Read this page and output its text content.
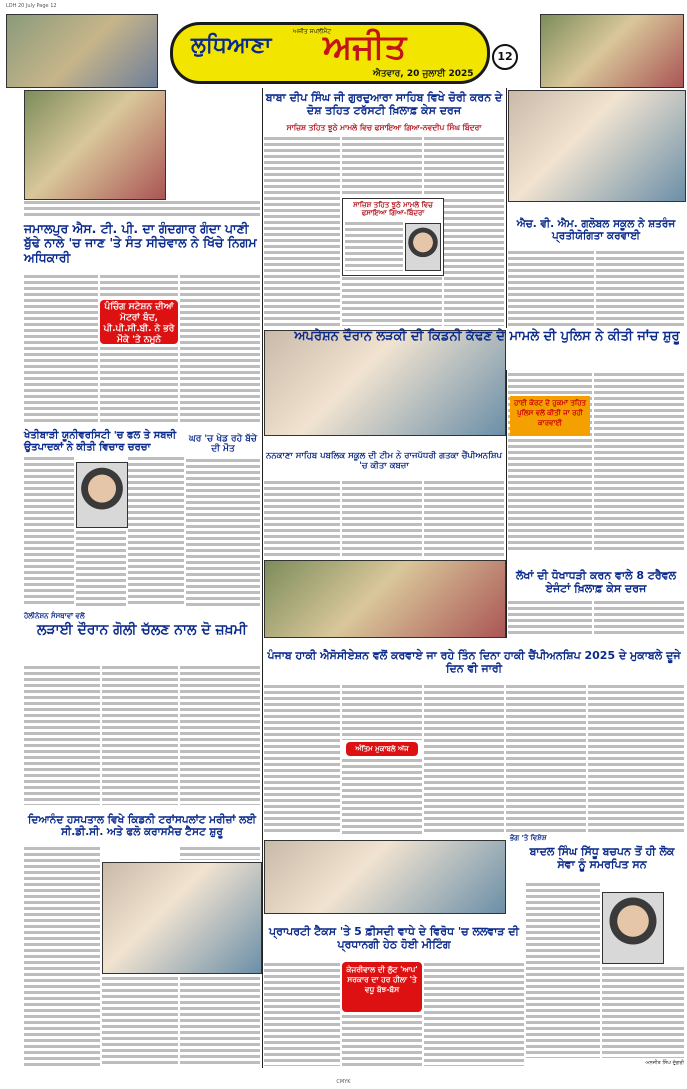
LDH 20 July Page 12
ਅਜੀਤ ਸਪਲੀਮੈਂਟ
ਲੁਧਿਆਣਾ ਅਜੀਤ
ਐਤਵਾਰ, 20 ਜੁਲਾਈ 2025
12
ਜਮਾਲਪੁਰ ਐਸ. ਟੀ. ਪੀ. ਦਾ ਗੰਦਗਾਰ ਗੰਦਾ ਪਾਣੀ ਬੁੱਢੇ ਨਾਲੇ 'ਚ ਜਾਣ 'ਤੇ ਸੰਤ ਸੀਚੇਵਾਲ ਨੇ ਖਿੱਚੇ ਨਿਗਮ ਅਧਿਕਾਰੀ
ਪੰਚਿੰਗ ਸਟੇਸ਼ਨ ਦੀਆਂ ਮੋਟਰਾਂ ਬੰਦ, ਪੀ.ਪੀ.ਸੀ.ਬੀ. ਨੇ ਭਰੇ ਮੌਕੇ 'ਤੇ ਨਮੂਨੇ
ਖੇਤੀਬਾੜੀ ਯੂਨੀਵਰਸਿਟੀ 'ਚ ਫਲ ਤੇ ਸਬਜ਼ੀ ਉਤਪਾਦਕਾਂ ਨੇ ਕੀਤੀ ਵਿਚਾਰ ਚਰਚਾ
ਘਰ 'ਚ ਖੇਡ ਰਹੇ ਬੱਚੇ ਦੀ ਮੌਤ
ਹੋਲੀਨੇਸ਼ਨ ਸੰਸਥਾਵਾਂ ਵਲੋਂ
ਲੜਾਈ ਦੌਰਾਨ ਗੋਲੀ ਚੱਲਣ ਨਾਲ ਦੋ ਜ਼ਖ਼ਮੀ
ਦਿਆਨੰਦ ਹਸਪਤਾਲ ਵਿਖੇ ਕਿਡਨੀ ਟਰਾਂਸਪਲਾਂਟ ਮਰੀਜ਼ਾਂ ਲਈ ਸੀ.ਡੀ.ਸੀ. ਅਤੇ ਫਲੋ ਕਰਾਸਮੈਚ ਟੈਸਟ ਸ਼ੁਰੂ
ਬਾਬਾ ਦੀਪ ਸਿੰਘ ਜੀ ਗੁਰਦੁਆਰਾ ਸਾਹਿਬ ਵਿਖੇ ਚੋਰੀ ਕਰਨ ਦੇ ਦੋਸ਼ ਤਹਿਤ ਟਰੱਸਟੀ ਖ਼ਿਲਾਫ਼ ਕੇਸ ਦਰਜ
ਸਾਜ਼ਿਸ਼ ਤਹਿਤ ਝੂਠੇ ਮਾਮਲੇ ਵਿਚ ਫਸਾਇਆ ਗਿਆ-ਨਵਦੀਪ ਸਿੰਘ ਬਿੰਦਰਾ
ਸਾਜ਼ਿਸ਼ ਤਹਿਤ ਝੂਠੇ ਮਾਮਲੇ ਵਿਚ ਫਸਾਇਆ ਗਿਆ-ਬਿੰਦਰਾ
ਨਨਕਾਣਾ ਸਾਹਿਬ ਪਬਲਿਕ ਸਕੂਲ ਦੀ ਟੀਮ ਨੇ ਰਾਜਪੱਧਰੀ ਗਤਕਾ ਚੈਂਪੀਅਨਸ਼ਿਪ 'ਚ ਕੀਤਾ ਕਬਜ਼ਾ
ਪੰਜਾਬ ਹਾਕੀ ਐਸੋਸੀਏਸ਼ਨ ਵਲੋਂ ਕਰਵਾਏ ਜਾ ਰਹੇ ਤਿੰਨ ਦਿਨਾ ਹਾਕੀ ਚੈਂਪੀਅਨਸ਼ਿਪ 2025 ਦੇ ਮੁਕਾਬਲੇ ਦੂਜੇ ਦਿਨ ਵੀ ਜਾਰੀ
ਅੰਤਿਮ ਮੁਕਾਬਲੇ ਅੱਜ
ਪ੍ਰਾਪਰਟੀ ਟੈਕਸ 'ਤੇ 5 ਫ਼ੀਸਦੀ ਵਾਧੇ ਦੇ ਵਿਰੋਧ 'ਚ ਲਲਵਾੜ ਦੀ ਪ੍ਰਧਾਨਗੀ ਹੇਠ ਹੋਈ ਮੀਟਿੰਗ
ਕੇਜਰੀਵਾਲ ਦੀ ਲੁੱਟ 'ਆਪ' ਸਰਕਾਰ ਦਾ ਹਰ ਹੀਲਾ 'ਤੇ ਵਧੂ ਬੋਝ-ਬੱਸ
ਐਚ. ਵੀ. ਐਮ. ਗਲੋਬਲ ਸਕੂਲ ਨੇ ਸ਼ਤਰੰਜ ਪ੍ਰਤੀਯੋਗਿਤਾ ਕਰਵਾਈ
ਅਪਰੇਸ਼ਨ ਦੌਰਾਨ ਲੜਕੀ ਦੀ ਕਿਡਨੀ ਕੱਢਣ ਦੇ ਮਾਮਲੇ ਦੀ ਪੁਲਿਸ ਨੇ ਕੀਤੀ ਜਾਂਚ ਸ਼ੁਰੂ
ਹਾਈ ਕੋਰਟ ਦੇ ਹੁਕਮਾਂ ਤਹਿਤ ਪੁਲਿਸ ਵਲੋਂ ਕੀਤੀ ਜਾ ਰਹੀ ਕਾਰਵਾਈ
ਲੱਖਾਂ ਦੀ ਧੋਖਾਧੜੀ ਕਰਨ ਵਾਲੇ 8 ਟਰੈਵਲ ਏਜੰਟਾਂ ਖ਼ਿਲਾਫ਼ ਕੇਸ ਦਰਜ
ਭੋਗ 'ਤੇ ਵਿਸ਼ੇਸ਼
ਬਾਦਲ ਸਿੰਘ ਸਿੱਧੂ ਬਚਪਨ ਤੋਂ ਹੀ ਲੋਕ ਸੇਵਾ ਨੂੰ ਸਮਰਪਿਤ ਸਨ
-ਮਨਜੀਤ ਸਿੰਘ ਦੁੱਗਰੀ
CMYK
